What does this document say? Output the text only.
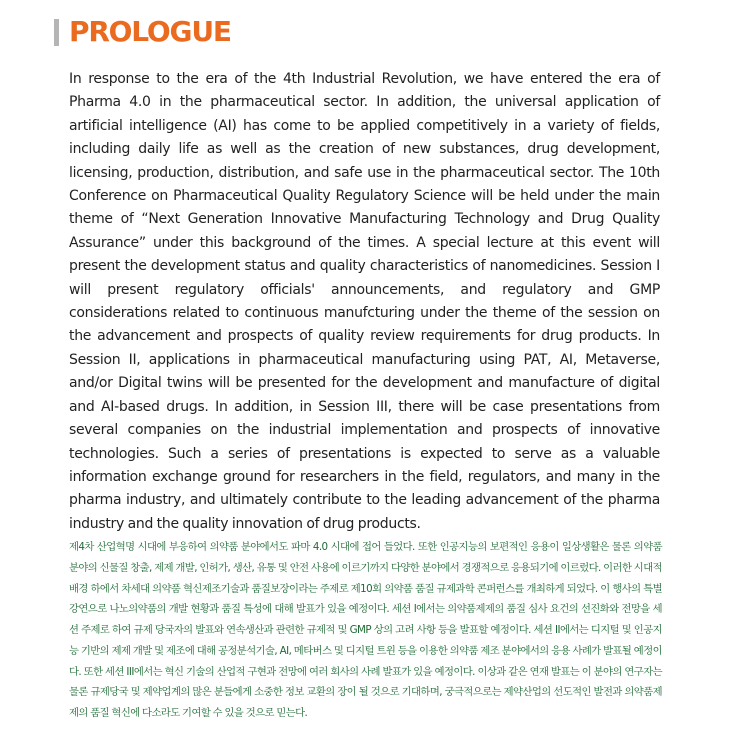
PROLOGUE

In response to the era of the 4th Industrial Revolution, we have entered the era of Pharma 4.0 in the pharmaceutical sector. In addition, the universal application of artificial intelligence (AI) has come to be applied competitively in a variety of fields, including daily life as well as the creation of new substances, drug development, licensing, production, distribution, and safe use in the pharmaceutical sector. The 10th Conference on Pharmaceutical Quality Regulatory Science will be held under the main theme of “Next Generation Innovative Manufacturing Technology and Drug Quality Assurance” under this background of the times. A special lecture at this event will present the development status and quality characteristics of nanomedicines. Session I will present regulatory officials' announcements, and regulatory and GMP considerations related to continuous manufcturing under the theme of the session on the advancement and prospects of quality review requirements for drug products. In Session II, applications in pharmaceutical manufacturing using PAT, AI, Metaverse, and/or Digital twins will be presented for the development and manufacture of digital and AI-based drugs. In addition, in Session III, there will be case presentations from several companies on the industrial implementation and prospects of innovative technologies. Such a series of presentations is expected to serve as a valuable information exchange ground for researchers in the field, regulators, and many in the pharma industry, and ultimately contribute to the leading advancement of the pharma industry and the quality innovation of drug products.

제4차 산업혁명 시대에 부응하여 의약품 분야에서도 파마 4.0 시대에 접어 들었다. 또한 인공지능의 보편적인 응용이 일상생활은 물론 의약품 분야의 신물질 창출, 제제 개발, 인허가, 생산, 유통 및 안전 사용에 이르기까지 다양한 분야에서 경쟁적으로 응용되기에 이르렀다. 이러한 시대적 배경 하에서 차세대 의약품 혁신제조기술과 품질보장이라는 주제로 제10회 의약품 품질 규제과학 콘퍼런스를 개최하게 되었다. 이 행사의 특별강연으로 나노의약품의 개발 현황과 품질 특성에 대해 발표가 있을 예정이다. 세션 I에서는 의약품제제의 품질 심사 요건의 선진화와 전망을 세션 주제로 하여 규제 당국자의 발표와 연속생산과 관련한 규제적 및 GMP 상의 고려 사항 등을 발표할 예정이다. 세션 II에서는 디지털 및 인공지능 기반의 제제 개발 및 제조에 대해 공정분석기술, AI, 메타버스 및 디지털 트윈 등을 이용한 의약품 제조 분야에서의 응용 사례가 발표될 예정이다. 또한 세션 III에서는 혁신 기술의 산업적 구현과 전망에 여러 회사의 사례 발표가 있을 예정이다. 이상과 같은 연재 발표는 이 분야의 연구자는 물론 규제당국 및 제약업계의 많은 분들에게 소중한 정보 교환의 장이 될 것으로 기대하며, 궁극적으로는 제약산업의 선도적인 발전과 의약품제제의 품질 혁신에 다소라도 기여할 수 있을 것으로 믿는다.
